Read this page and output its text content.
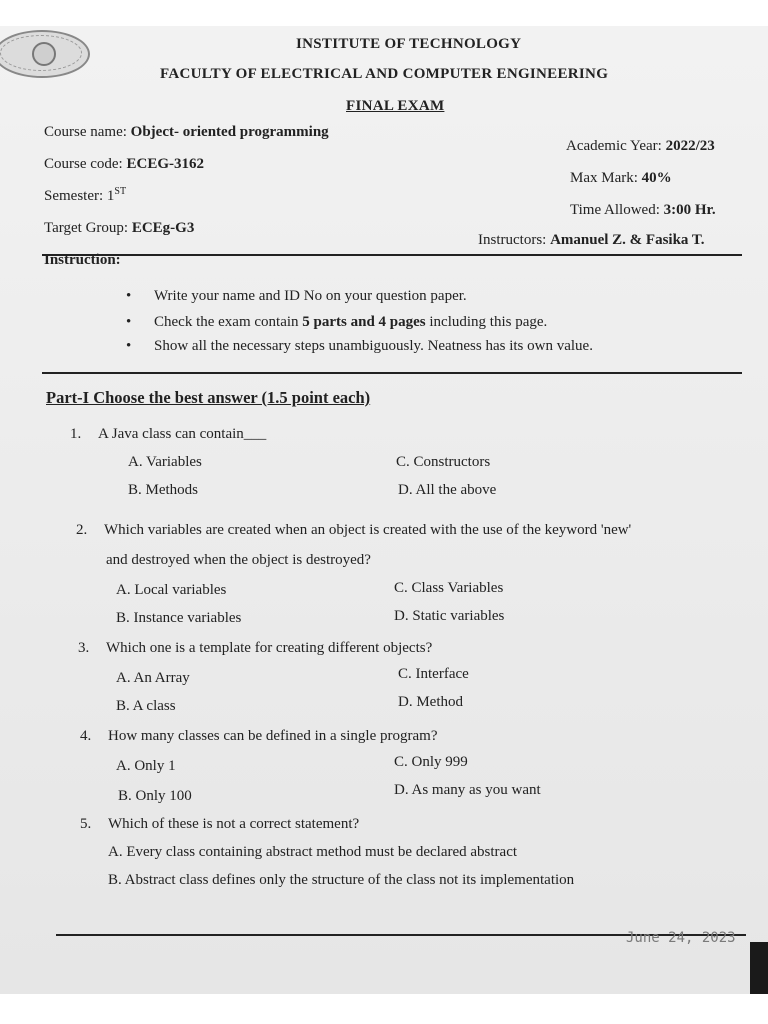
INSTITUTE OF TECHNOLOGY
FACULTY OF ELECTRICAL AND COMPUTER ENGINEERING
FINAL EXAM
Course name: Object- oriented programming
Course code: ECEG-3162
Semester: 1ST
Target Group: ECEg-G3
Academic Year: 2022/23
Max Mark: 40%
Time Allowed: 3:00 Hr.
Instructors: Amanuel Z. & Fasika T.
Instruction:
• Write your name and ID Nο on your question paper.
• Check the exam contain 5 parts and 4 pages including this page.
• Show all the necessary steps unambiguously. Neatness has its own value.
Part-I Choose the best answer (1.5 point each)
1. A Java class can contain___
A. Variables	C. Constructors
B. Methods	D. All the above
2. Which variables are created when an object is created with the use of the keyword 'new'
and destroyed when the object is destroyed?
A. Local variables	C. Class Variables
B. Instance variables	D. Static variables
3. Which one is a template for creating different objects?
A. An Array	C. Interface
B. A class	D. Method
4. How many classes can be defined in a single program?
A. Only 1	C. Only 999
B. Only 100	D. As many as you want
5. Which of these is not a correct statement?
A. Every class containing abstract method must be declared abstract
B. Abstract class defines only the structure of the class not its implementation
June 24, 2023
